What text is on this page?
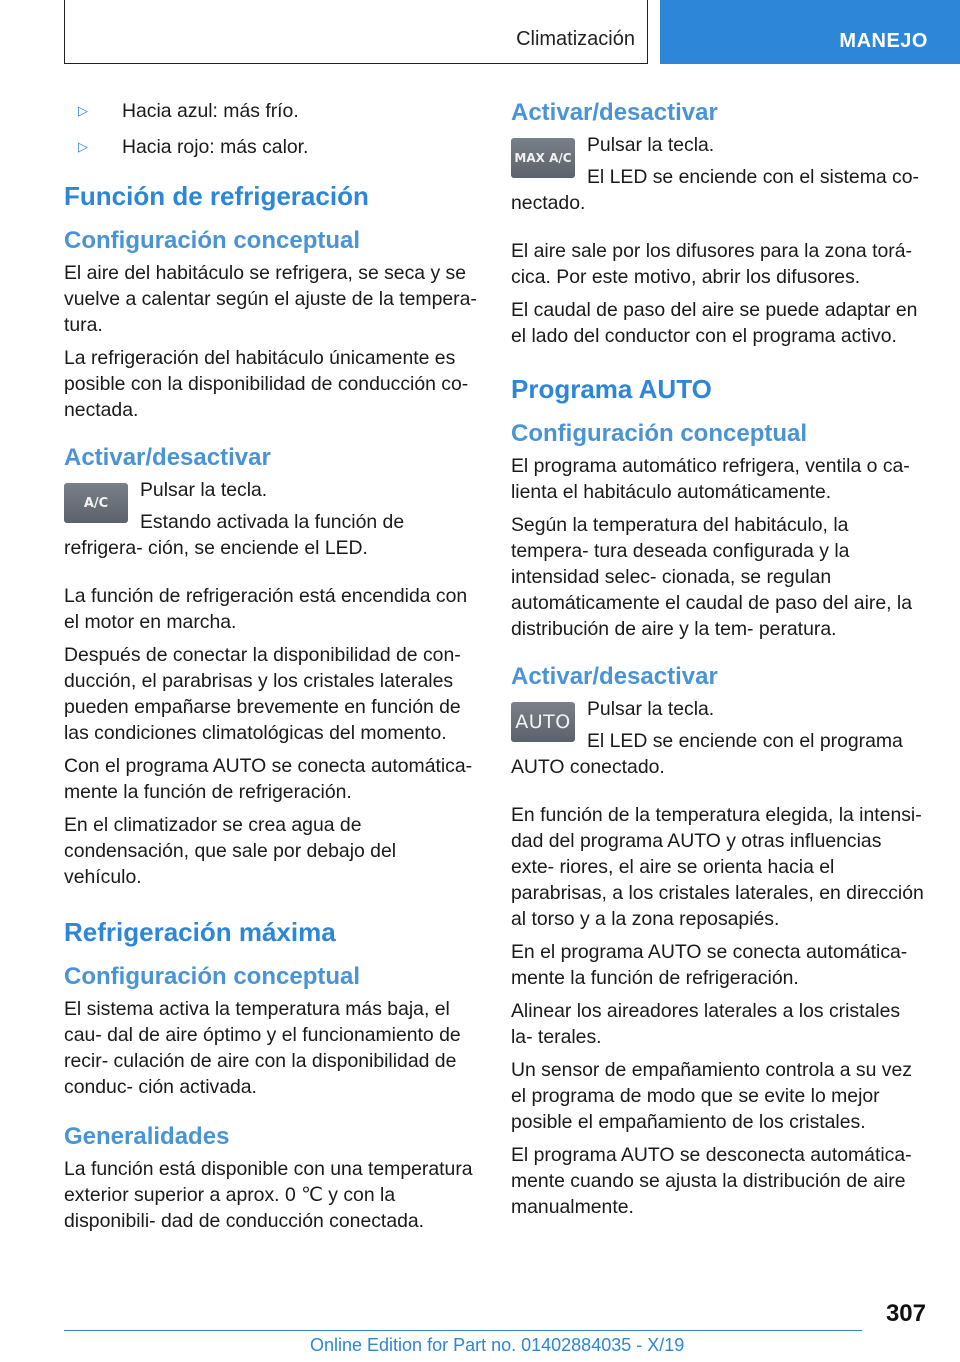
Climatización	MANEJO
▷ Hacia azul: más frío.
▷ Hacia rojo: más calor.
Función de refrigeración
Configuración conceptual

El aire del habitáculo se refrigera, se seca y se vuelve a calentar según el ajuste de la tempera‐ tura.

La refrigeración del habitáculo únicamente es posible con la disponibilidad de conducción co‐ nectada.

Activar/desactivar
A/C

Pulsar la tecla.

Estando activada la función de refrigera‐ ción, se enciende el LED.

La función de refrigeración está encendida con el motor en marcha.

Después de conectar la disponibilidad de con‐ ducción, el parabrisas y los cristales laterales pueden empañarse brevemente en función de las condiciones climatológicas del momento.

Con el programa AUTO se conecta automática‐ mente la función de refrigeración.

En el climatizador se crea agua de condensación, que sale por debajo del vehículo.

Refrigeración máxima
Configuración conceptual

El sistema activa la temperatura más baja, el cau‐ dal de aire óptimo y el funcionamiento de recir‐ culación de aire con la disponibilidad de conduc‐ ción activada.

Generalidades

La función está disponible con una temperatura exterior superior a aprox. 0 ℃ y con la disponibili‐ dad de conducción conectada.

Activar/desactivar
MAX A/C

Pulsar la tecla.

El LED se enciende con el sistema co‐ nectado.

El aire sale por los difusores para la zona torá‐ cica. Por este motivo, abrir los difusores.

El caudal de paso del aire se puede adaptar en el lado del conductor con el programa activo.

Programa AUTO
Configuración conceptual

El programa automático refrigera, ventila o ca‐ lienta el habitáculo automáticamente.

Según la temperatura del habitáculo, la tempera‐ tura deseada configurada y la intensidad selec‐ cionada, se regulan automáticamente el caudal de paso del aire, la distribución de aire y la tem‐ peratura.

Activar/desactivar
AUTO

Pulsar la tecla.

El LED se enciende con el programa AUTO conectado.

En función de la temperatura elegida, la intensi‐ dad del programa AUTO y otras influencias exte‐ riores, el aire se orienta hacia el parabrisas, a los cristales laterales, en dirección al torso y a la zona reposapiés.

En el programa AUTO se conecta automática‐ mente la función de refrigeración.

Alinear los aireadores laterales a los cristales la‐ terales.

Un sensor de empañamiento controla a su vez el programa de modo que se evite lo mejor posible el empañamiento de los cristales.

El programa AUTO se desconecta automática‐ mente cuando se ajusta la distribución de aire manualmente.

307
Online Edition for Part no. 01402884035 - X/19
